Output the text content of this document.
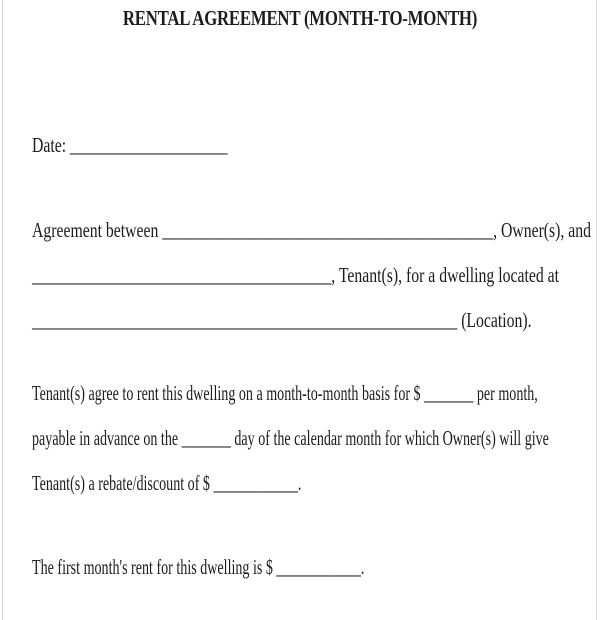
RENTAL AGREEMENT (MONTH-TO-MONTH)
Date: ____________________
Agreement between __________________________________________, Owner(s), and
______________________________________, Tenant(s), for a dwelling located at
______________________________________________________ (Location).
Tenant(s) agree to rent this dwelling on a month-to-month basis for $ _______ per month,
payable in advance on the _______ day of the calendar month for which Owner(s) will give
Tenant(s) a rebate/discount of $ ____________.
The first month's rent for this dwelling is $ ____________.
